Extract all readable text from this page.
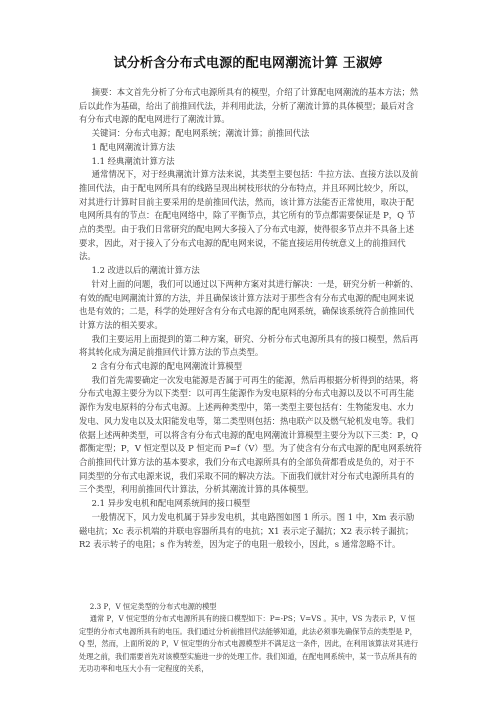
试分析含分布式电源的配电网潮流计算 王淑婷

摘要：本文首先分析了分布式电源所具有的模型，介绍了计算配电网潮流的基本方法；然后以此作为基础，给出了前推回代法，并利用此法，分析了潮流计算的具体模型；最后对含有分布式电源的配电网进行了潮流计算。

关键词：分布式电源；配电网系统；潮流计算；前推回代法

1 配电网潮流计算方法

1.1 经典潮流计算方法

通常情况下，对于经典潮流计算方法来说，其类型主要包括：牛拉方法、直接方法以及前推回代法，由于配电网所具有的线路呈现出树枝形状的分布特点，并且环网比较少，所以，对其进行计算时目前主要采用的是前推回代法，然而，该计算方法能否正常使用，取决于配电网所具有的节点：在配电网络中，除了平衡节点，其它所有的节点都需要保证是 P，Q 节点的类型。由于我们日常研究的配电网大多接入了分布式电源，使得很多节点并不具备上述要求，因此，对于接入了分布式电源的配电网来说，不能直接运用传统意义上的前推回代法。

1.2 改进以后的潮流计算方法

针对上面的问题，我们可以通过以下两种方案对其进行解决：一是，研究分析一种新的、有效的配电网潮流计算的方法，并且确保该计算方法对于那些含有分布式电源的配电网来说也是有效的；二是，科学的处理好含有分布式电源的配电网系统，确保该系统符合前推回代计算方法的相关要求。

我们主要运用上面提到的第二种方案，研究、分析分布式电源所具有的接口模型，然后再将其转化成为满足前推回代计算方法的节点类型。

2 含有分布式电源的配电网潮流计算模型

我们首先需要确定一次发电能源是否属于可再生的能源，然后再根据分析得到的结果，将分布式电源主要分为以下类型：以可再生能源作为发电原料的分布式电源以及以不可再生能源作为发电原料的分布式电源。上述两种类型中，第一类型主要包括有：生物能发电、水力发电、风力发电以及太阳能发电等，第二类型则包括：热电联产以及燃气轮机发电等。我们依据上述两种类型，可以将含有分布式电源的配电网潮流计算模型主要分为以下三类：P，Q 都衡定型；P，V 恒定型以及 P 恒定而 P=f（V）型。为了使含有分布式电源的配电网系统符合前推回代计算方法的基本要求，我们分布式电源所具有的全部负荷都看成是负的，对于不同类型的分布式电源来说，我们采取不同的解决方法。下面我们就针对分布式电源所具有的三个类型，利用前推回代计算法，分析其潮流计算的具体模型。

2.1 异步发电机和配电网系统间的接口模型

一般情况下，风力发电机属于异步发电机，其电路图如图 1 所示。图 1 中，Xm 表示励磁电抗；Xc 表示机端的并联电容器所具有的电抗；X1 表示定子漏抗；X2 表示转子漏抗；R2 表示转子的电阻；s 作为转差，因为定子的电阻一般较小，因此，s 通常忽略不计。

2.3 P，V 恒定类型的分布式电源的模型

通常 P，V 恒定型的分布式电源所具有的接口模型如下：P=-PS；V=VS 。其中，VS 为表示 P，V 恒定型的分布式电源所具有的电压。我们通过分析前推回代法能够知道，此法必须事先确保节点的类型是 P，Q 型，然而，上面所说的 P，V 恒定型的分布式电源模型并不满足这一条件，因此，在利用该算法对其进行处理之前，我们需要首先对该模型实施进一步的处理工作。我们知道，在配电网系统中，某一节点所具有的无功功率和电压大小有一定程度的关系，
